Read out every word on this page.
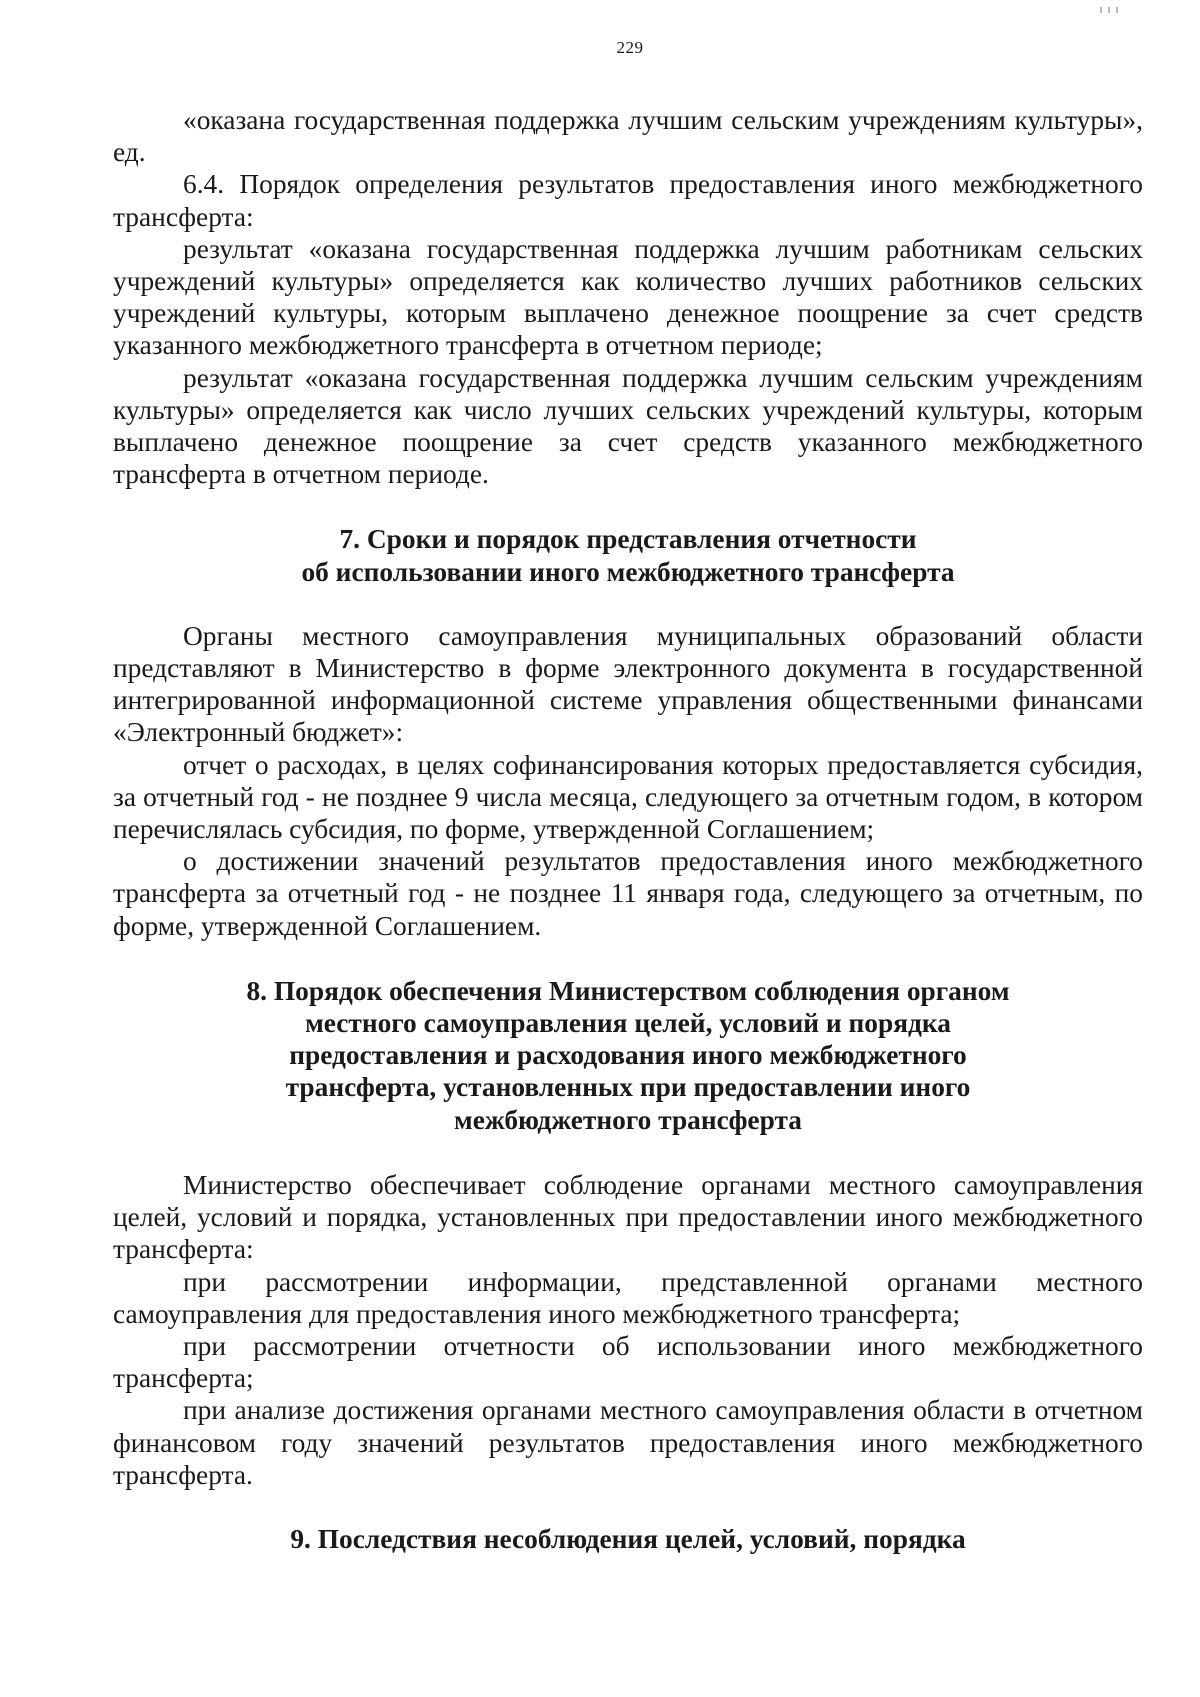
229

«оказана государственная поддержка лучшим сельским учреждениям культуры», ед.

6.4. Порядок определения результатов предоставления иного межбюджетного трансферта:

результат «оказана государственная поддержка лучшим работникам сельских учреждений культуры» определяется как количество лучших работников сельских учреждений культуры, которым выплачено денежное поощрение за счет средств указанного межбюджетного трансферта в отчетном периоде;

результат «оказана государственная поддержка лучшим сельским учреждениям культуры» определяется как число лучших сельских учреждений культуры, которым выплачено денежное поощрение за счет средств указанного межбюджетного трансферта в отчетном периоде.

7. Сроки и порядок представления отчетности
об использовании иного межбюджетного трансферта

Органы местного самоуправления муниципальных образований области представляют в Министерство в форме электронного документа в государственной интегрированной информационной системе управления общественными финансами «Электронный бюджет»:

отчет о расходах, в целях софинансирования которых предоставляется субсидия, за отчетный год - не позднее 9 числа месяца, следующего за отчетным годом, в котором перечислялась субсидия, по форме, утвержденной Соглашением;

о достижении значений результатов предоставления иного межбюджетного трансферта за отчетный год - не позднее 11 января года, следующего за отчетным, по форме, утвержденной Соглашением.

8. Порядок обеспечения Министерством соблюдения органом
местного самоуправления целей, условий и порядка
предоставления и расходования иного межбюджетного
трансферта, установленных при предоставлении иного
межбюджетного трансферта

Министерство обеспечивает соблюдение органами местного самоуправления целей, условий и порядка, установленных при предоставлении иного межбюджетного трансферта:

при рассмотрении информации, представленной органами местного самоуправления для предоставления иного межбюджетного трансферта;

при рассмотрении отчетности об использовании иного межбюджетного трансферта;

при анализе достижения органами местного самоуправления области в отчетном финансовом году значений результатов предоставления иного межбюджетного трансферта.

9. Последствия несоблюдения целей, условий, порядка
